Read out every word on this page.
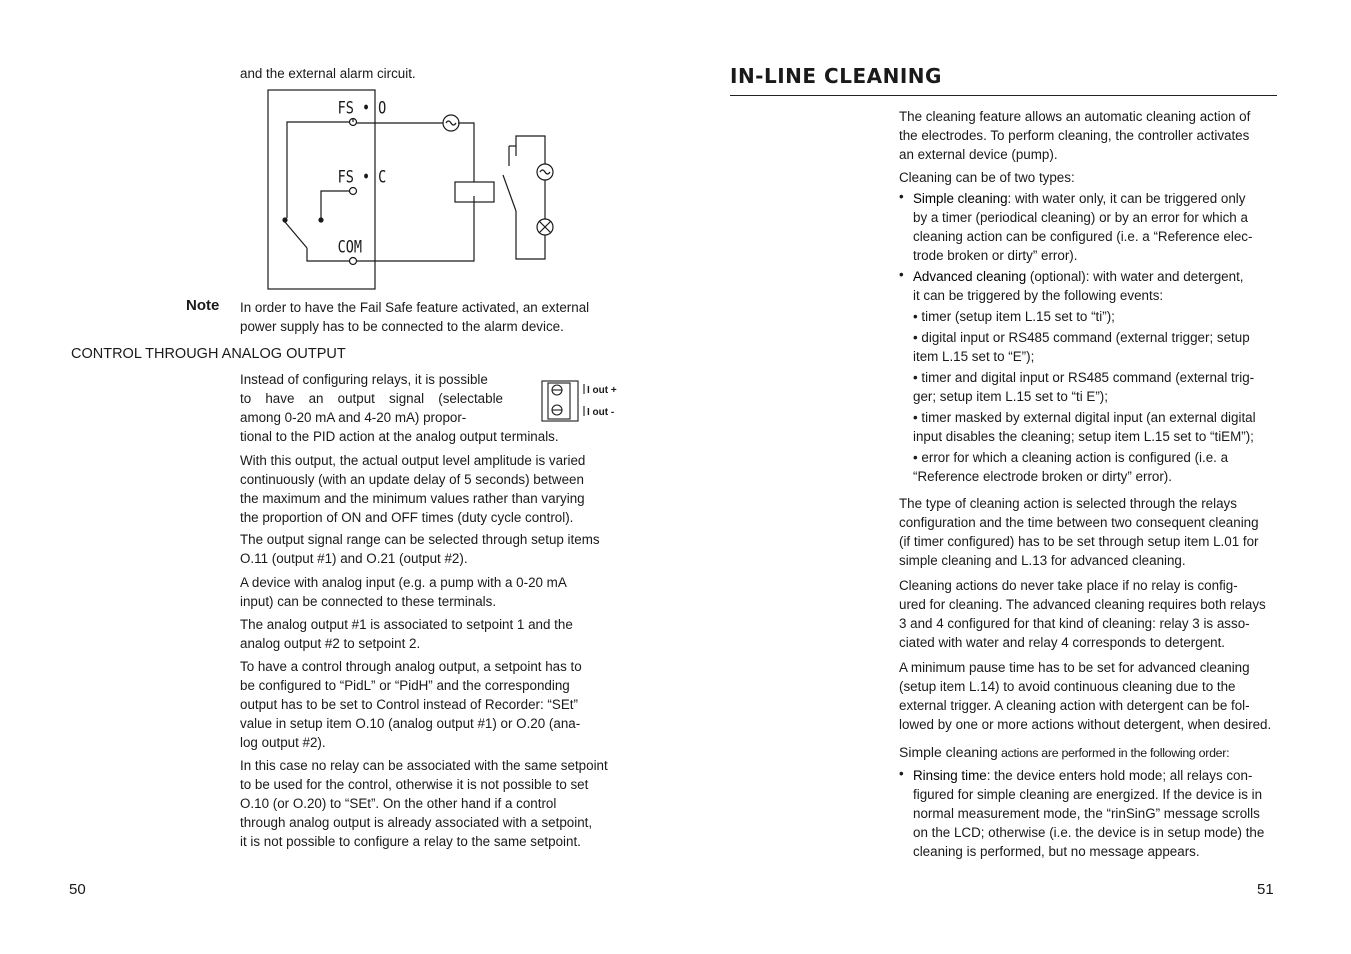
and the external alarm circuit.
FS • O
FS • C
COM
Note In order to have the Fail Safe feature activated, an external
power supply has to be connected to the alarm device.
CONTROL THROUGH ANALOG OUTPUT
I out +
I out -
Instead of configuring relays, it is possible
to have an output signal (selectable
among 0-20 mA and 4-20 mA) propor-
tional to the PID action at the analog output terminals.
With this output, the actual output level amplitude is varied
continuously (with an update delay of 5 seconds) between
the maximum and the minimum values rather than varying
the proportion of ON and OFF times (duty cycle control).
The output signal range can be selected through setup items
O.11 (output #1) and O.21 (output #2).
A device with analog input (e.g. a pump with a 0-20 mA
input) can be connected to these terminals.
The analog output #1 is associated to setpoint 1 and the
analog output #2 to setpoint 2.
To have a control through analog output, a setpoint has to
be configured to “PidL” or “PidH” and the corresponding
output has to be set to Control instead of Recorder: “SEt”
value in setup item O.10 (analog output #1) or O.20 (ana-
log output #2).
In this case no relay can be associated with the same setpoint
to be used for the control, otherwise it is not possible to set
O.10 (or O.20) to “SEt”. On the other hand if a control
through analog output is already associated with a setpoint,
it is not possible to configure a relay to the same setpoint.
50
IN-LINE CLEANING
The cleaning feature allows an automatic cleaning action of
the electrodes. To perform cleaning, the controller activates
an external device (pump).
Cleaning can be of two types:
• Simple cleaning: with water only, it can be triggered only
by a timer (periodical cleaning) or by an error for which a
cleaning action can be configured (i.e. a “Reference elec-
trode broken or dirty” error).
• Advanced cleaning (optional): with water and detergent,
it can be triggered by the following events:
• timer (setup item L.15 set to “ti”);
• digital input or RS485 command (external trigger; setup
item L.15 set to “E”);
• timer and digital input or RS485 command (external trig-
ger; setup item L.15 set to “ti E”);
• timer masked by external digital input (an external digital
input disables the cleaning; setup item L.15 set to “tiEM”);
• error for which a cleaning action is configured (i.e. a
“Reference electrode broken or dirty” error).
The type of cleaning action is selected through the relays
configuration and the time between two consequent cleaning
(if timer configured) has to be set through setup item L.01 for
simple cleaning and L.13 for advanced cleaning.
Cleaning actions do never take place if no relay is config-
ured for cleaning. The advanced cleaning requires both relays
3 and 4 configured for that kind of cleaning: relay 3 is asso-
ciated with water and relay 4 corresponds to detergent.
A minimum pause time has to be set for advanced cleaning
(setup item L.14) to avoid continuous cleaning due to the
external trigger. A cleaning action with detergent can be fol-
lowed by one or more actions without detergent, when desired.
Simple cleaning actions are performed in the following order:
• Rinsing time: the device enters hold mode; all relays con-
figured for simple cleaning are energized. If the device is in
normal measurement mode, the “rinSinG” message scrolls
on the LCD; otherwise (i.e. the device is in setup mode) the
cleaning is performed, but no message appears.
51
